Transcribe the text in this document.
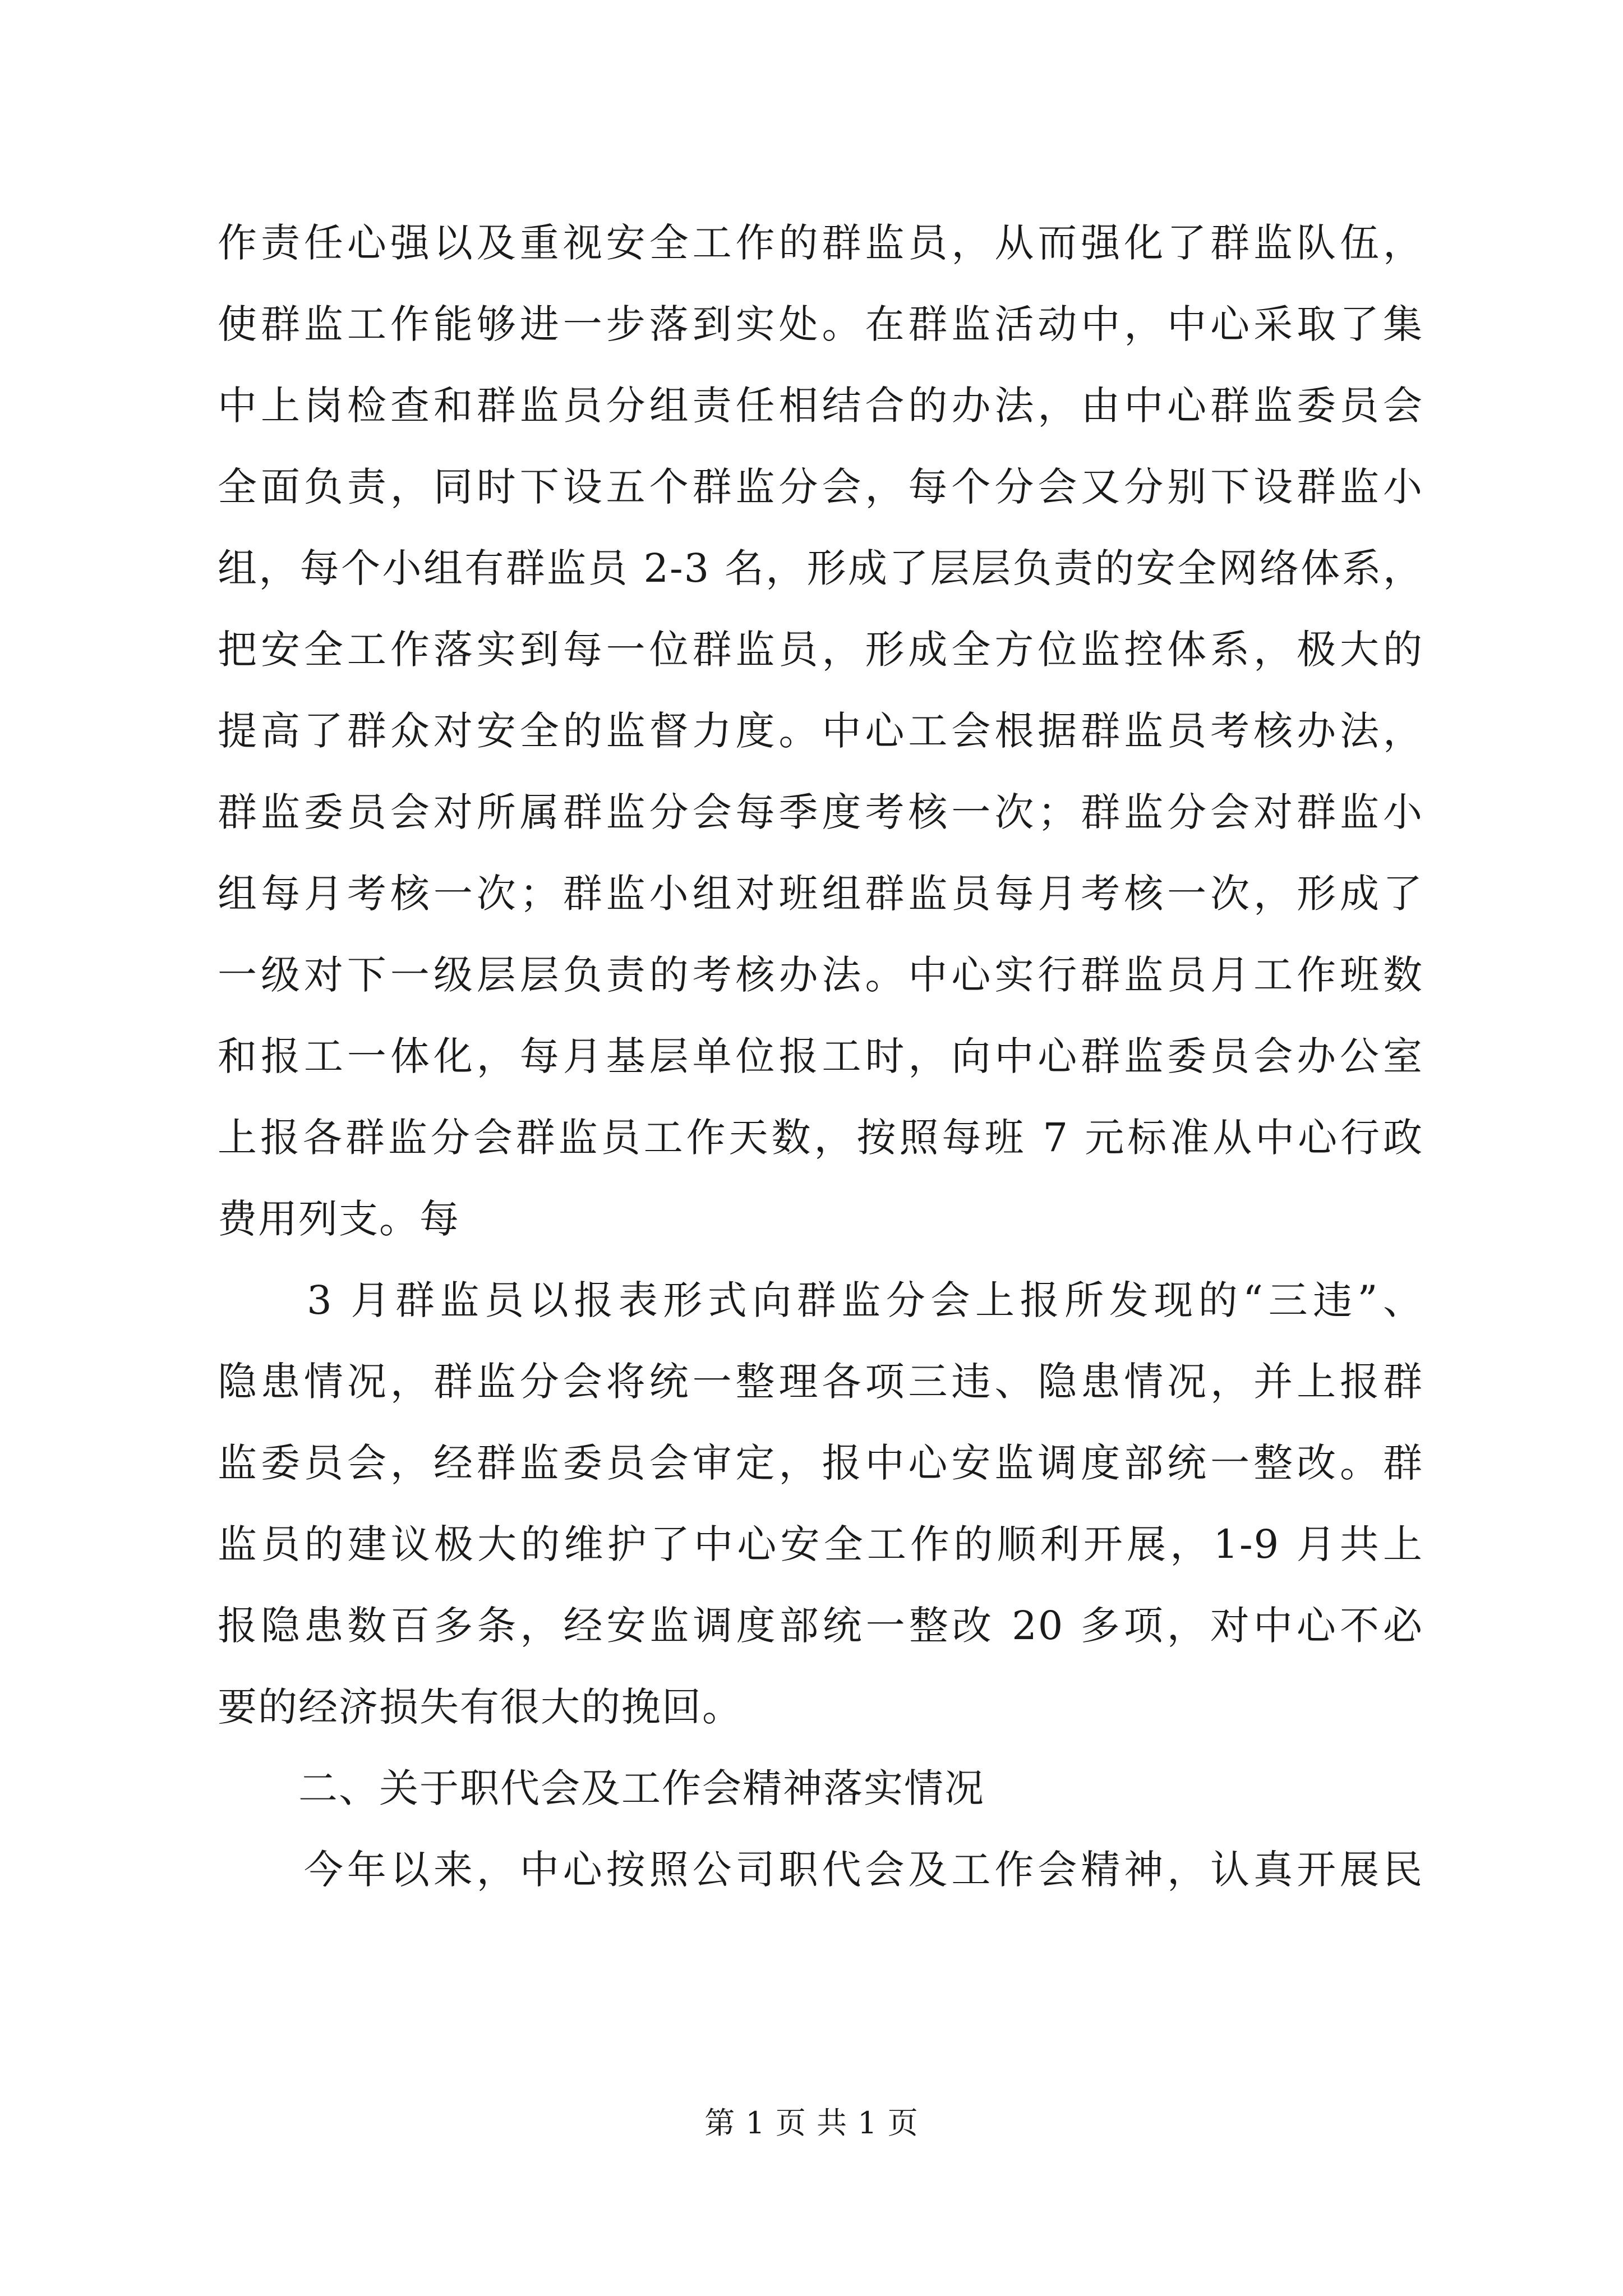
作责任心强以及重视安全工作的群监员，从而强化了群监队伍，
使群监工作能够进一步落到实处。在群监活动中，中心采取了集
中上岗检查和群监员分组责任相结合的办法，由中心群监委员会
全面负责，同时下设五个群监分会，每个分会又分别下设群监小
组，每个小组有群监员 2-3 名，形成了层层负责的安全网络体系，
把安全工作落实到每一位群监员，形成全方位监控体系，极大的
提高了群众对安全的监督力度。中心工会根据群监员考核办法，
群监委员会对所属群监分会每季度考核一次；群监分会对群监小
组每月考核一次；群监小组对班组群监员每月考核一次，形成了
一级对下一级层层负责的考核办法。中心实行群监员月工作班数
和报工一体化，每月基层单位报工时，向中心群监委员会办公室
上报各群监分会群监员工作天数，按照每班 7 元标准从中心行政
费用列支。每
　　3 月群监员以报表形式向群监分会上报所发现的“三违”、
隐患情况，群监分会将统一整理各项三违、隐患情况，并上报群
监委员会，经群监委员会审定，报中心安监调度部统一整改。群
监员的建议极大的维护了中心安全工作的顺利开展，1-9 月共上
报隐患数百多条，经安监调度部统一整改 20 多项，对中心不必
要的经济损失有很大的挽回。
　　二、关于职代会及工作会精神落实情况
　　今年以来，中心按照公司职代会及工作会精神，认真开展民
第 1 页 共 1 页
